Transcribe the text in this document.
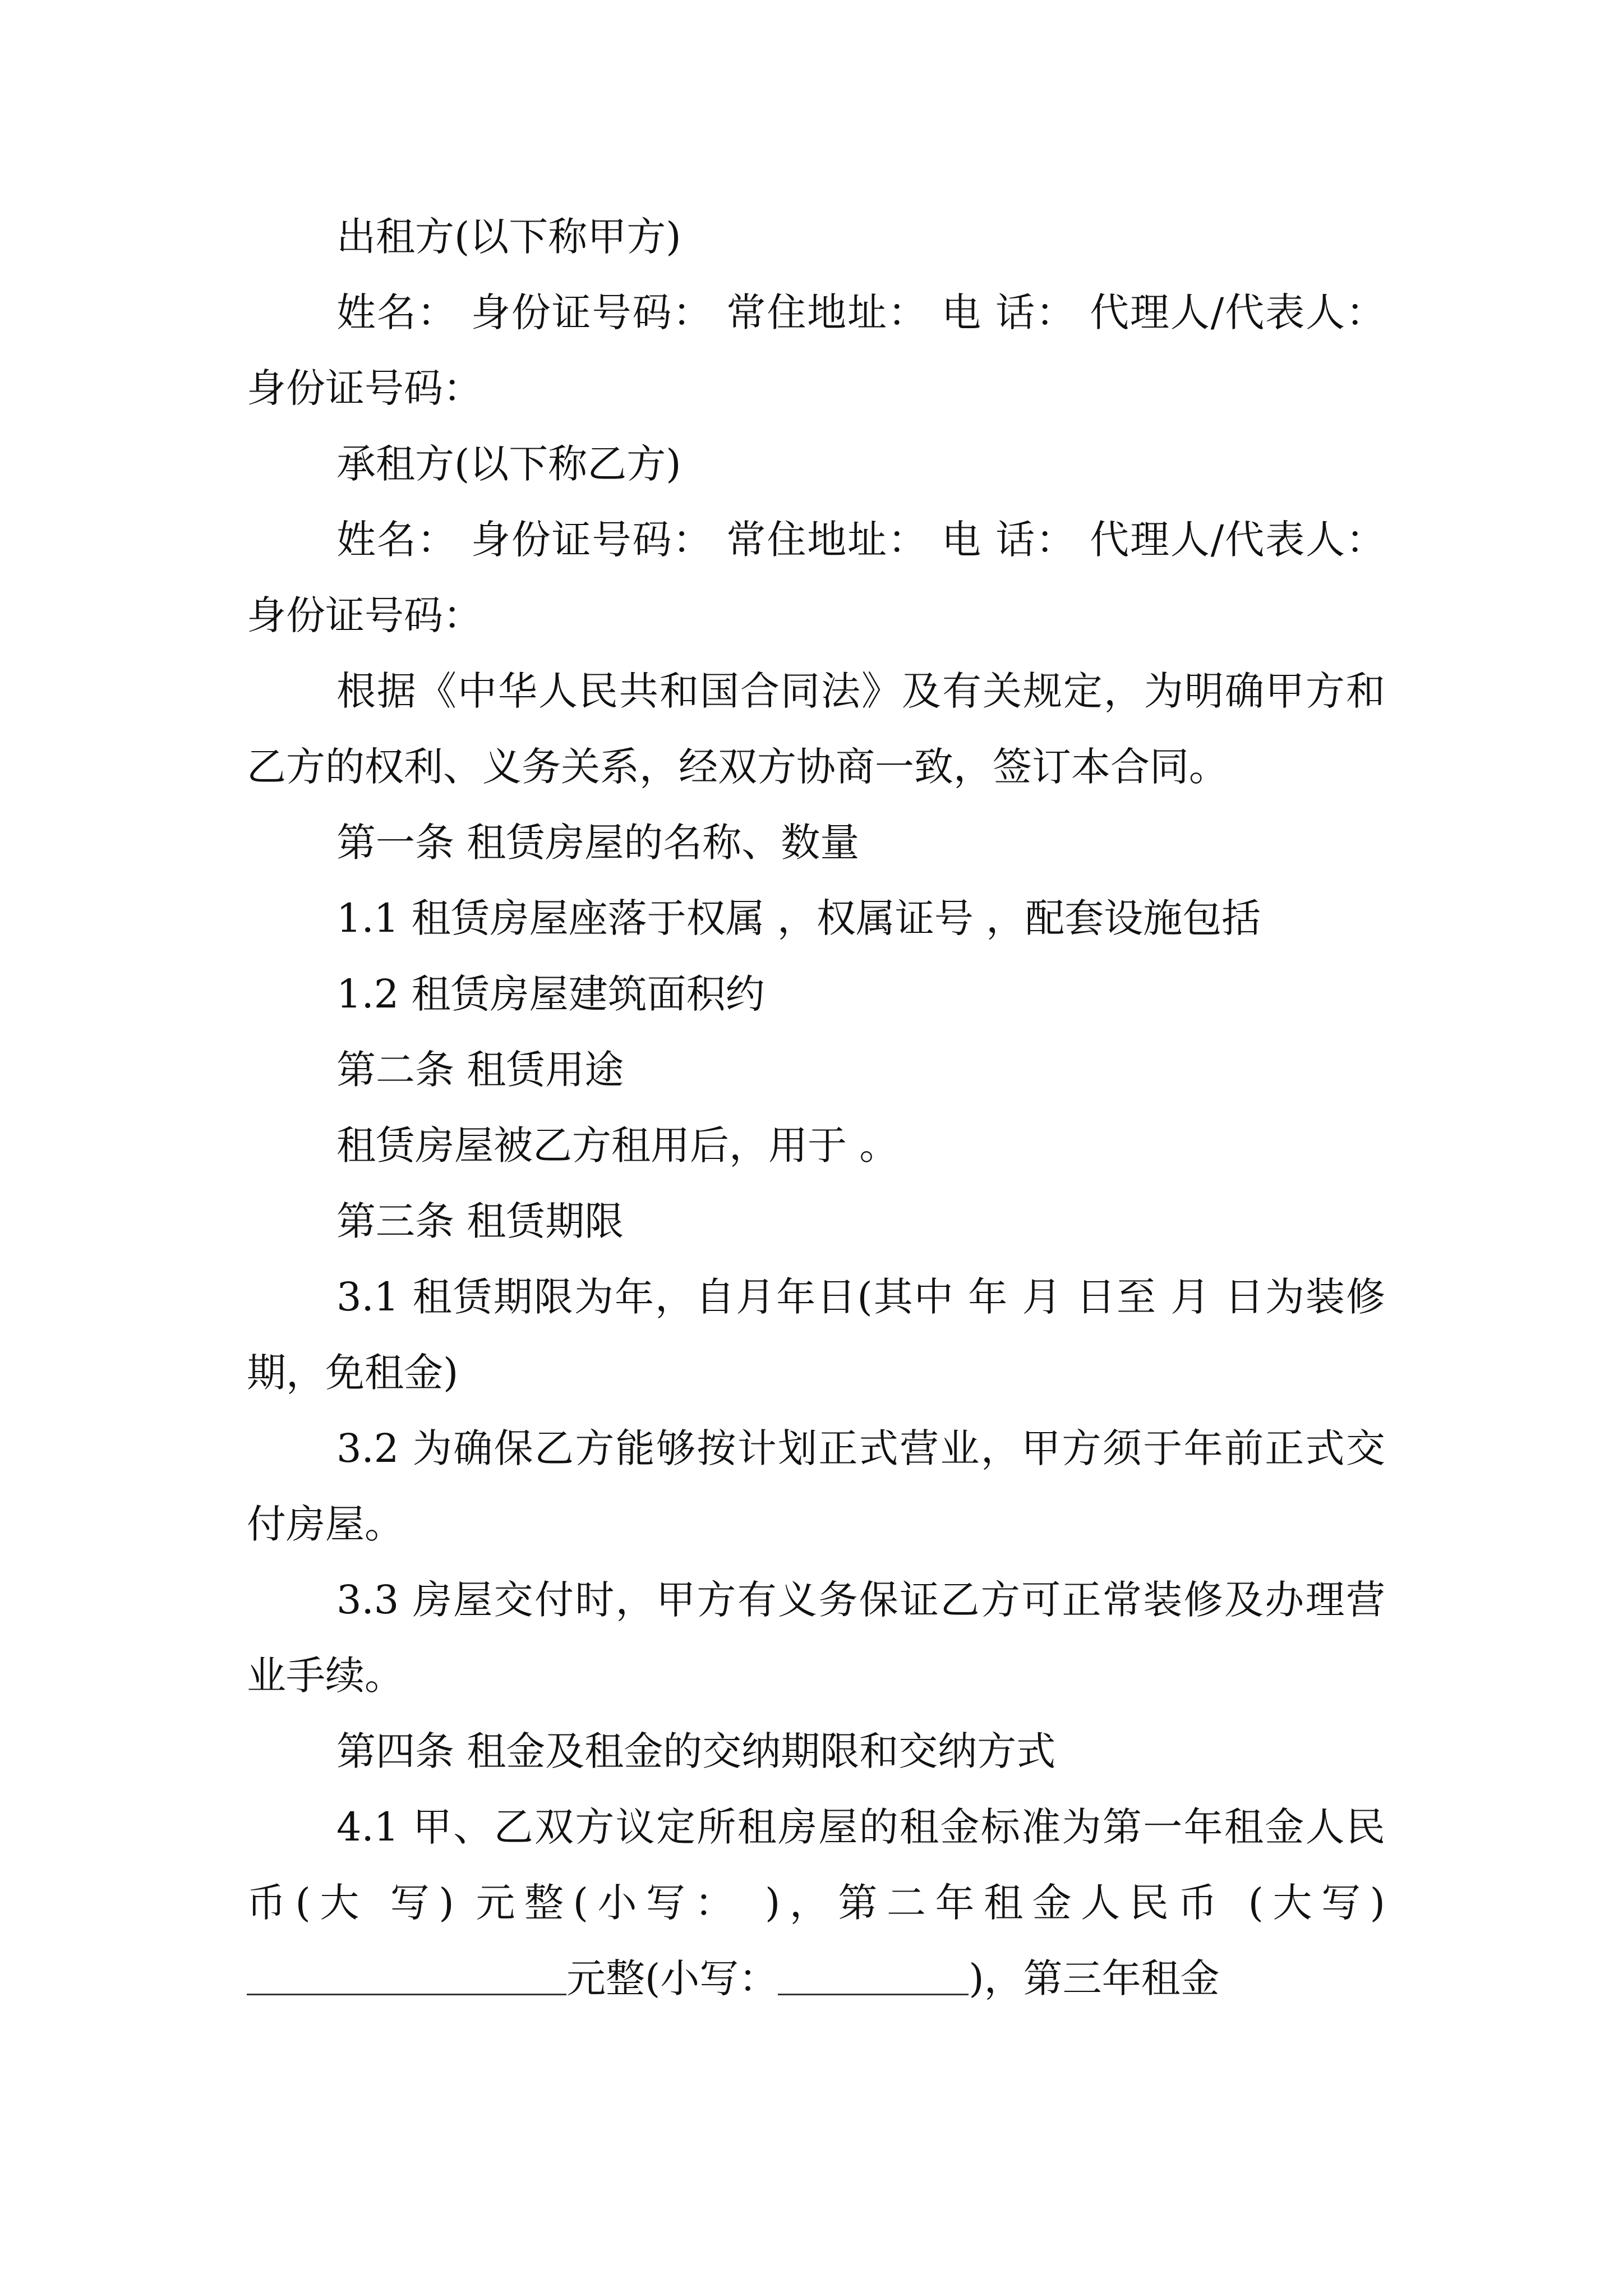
出租方(以下称甲方)

姓名： 身份证号码： 常住地址： 电 话： 代理人/代表人： 身份证号码：

承租方(以下称乙方)

姓名： 身份证号码： 常住地址： 电 话： 代理人/代表人： 身份证号码：

根据《中华人民共和国合同法》及有关规定，为明确甲方和乙方的权利、义务关系，经双方协商一致，签订本合同。

第一条 租赁房屋的名称、数量

1.1 租赁房屋座落于权属 ，权属证号 ，配套设施包括

1.2 租赁房屋建筑面积约

第二条 租赁用途

租赁房屋被乙方租用后，用于 。

第三条 租赁期限

3.1 租赁期限为年，自月年日(其中 年 月 日至 月 日为装修期，免租金)

3.2 为确保乙方能够按计划正式营业，甲方须于年前正式交付房屋。

3.3 房屋交付时，甲方有义务保证乙方可正常装修及办理营业手续。

第四条 租金及租金的交纳期限和交纳方式

4.1 甲、乙双方议定所租房屋的租金标准为第一年租金人民币(大 写) 元整(小写： )，第二年租金人民币 (大写)元整(小写：	)，第三年租金
